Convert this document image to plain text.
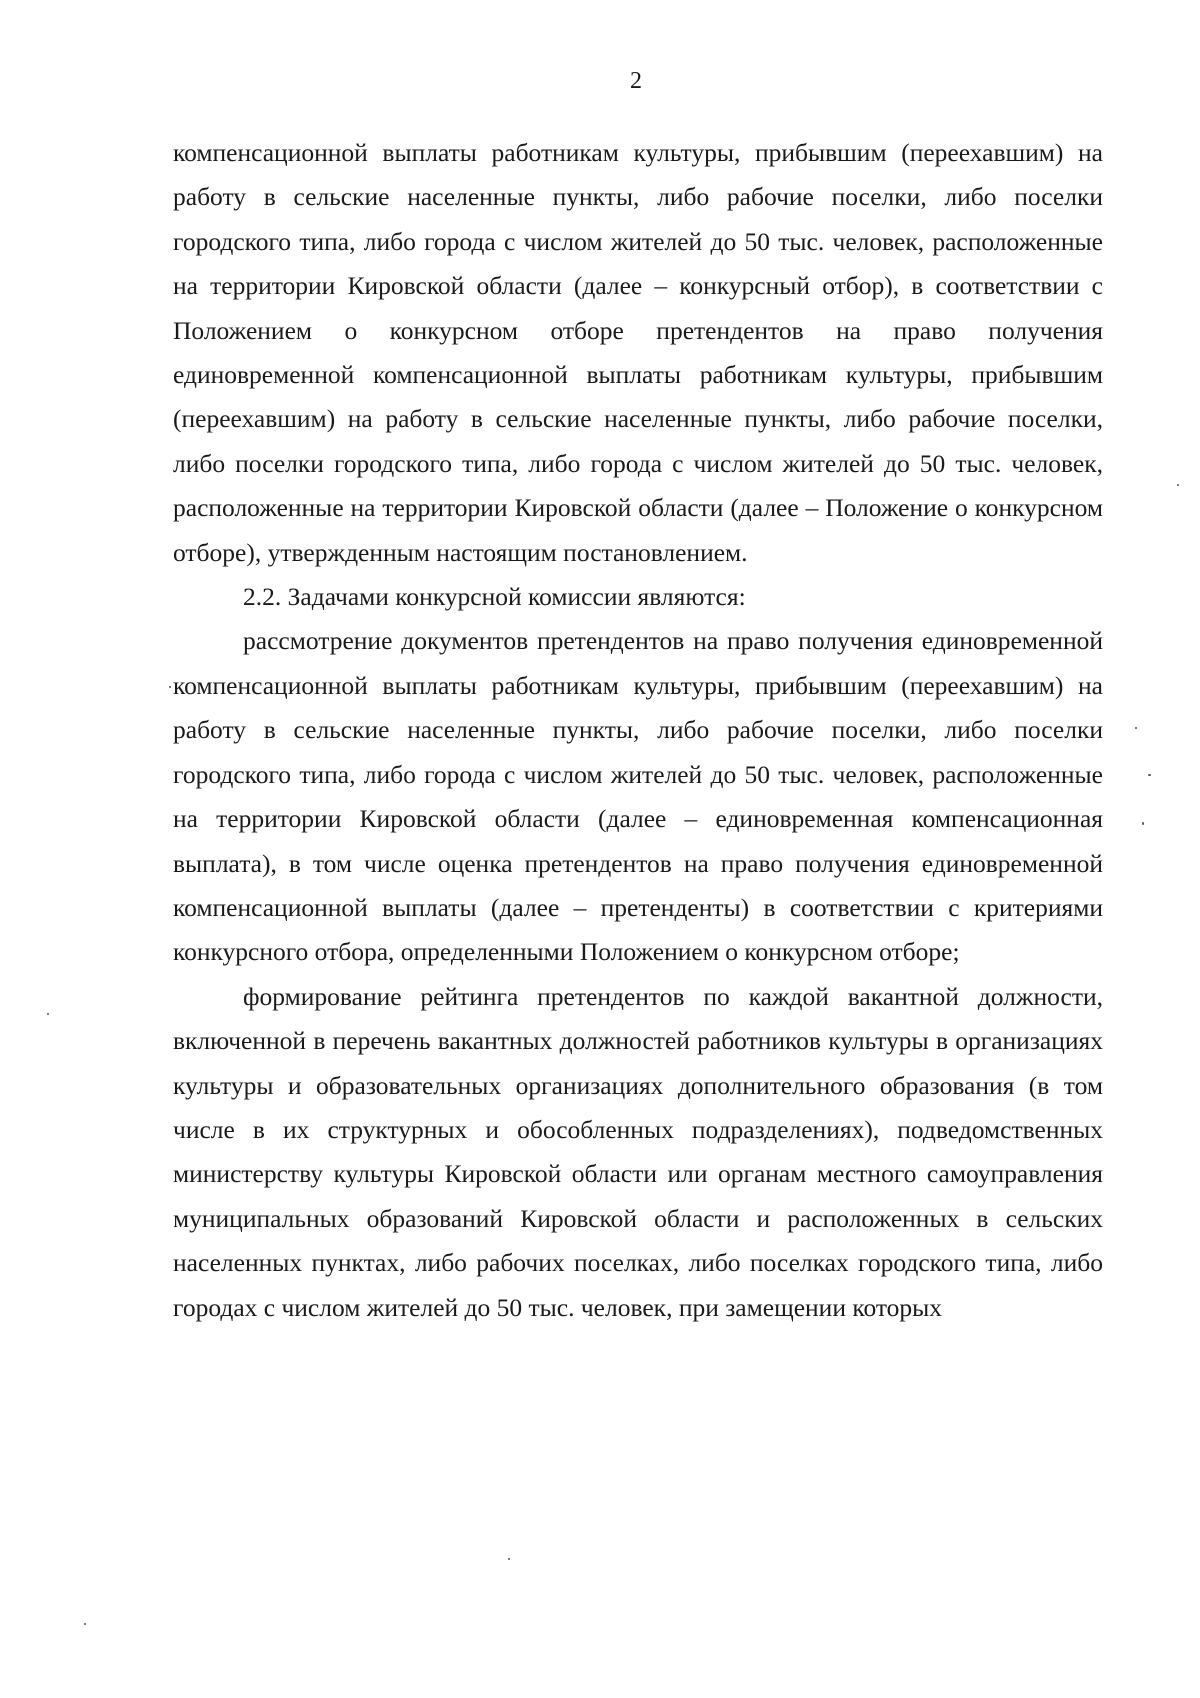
2

компенсационной выплаты работникам культуры, прибывшим (переехавшим) на работу в сельские населенные пункты, либо рабочие поселки, либо поселки городского типа, либо города с числом жителей до 50 тыс. человек, расположенные на территории Кировской области (далее – конкурсный отбор), в соответствии с Положением о конкурсном отборе претендентов на право получения единовременной компенсационной выплаты работникам культуры, прибывшим (переехавшим) на работу в сельские населенные пункты, либо рабочие поселки, либо поселки городского типа, либо города с числом жителей до 50 тыс. человек, расположенные на территории Кировской области (далее – Положение о конкурсном отборе), утвержденным настоящим постановлением.

2.2. Задачами конкурсной комиссии являются:

рассмотрение документов претендентов на право получения единовременной компенсационной выплаты работникам культуры, прибывшим (переехавшим) на работу в сельские населенные пункты, либо рабочие поселки, либо поселки городского типа, либо города с числом жителей до 50 тыс. человек, расположенные на территории Кировской области (далее – единовременная компенсационная выплата), в том числе оценка претендентов на право получения единовременной компенсационной выплаты (далее – претенденты) в соответствии с критериями конкурсного отбора, определенными Положением о конкурсном отборе;

формирование рейтинга претендентов по каждой вакантной должности, включенной в перечень вакантных должностей работников культуры в организациях культуры и образовательных организациях дополнительного образования (в том числе в их структурных и обособленных подразделениях), подведомственных министерству культуры Кировской области или органам местного самоуправления муниципальных образований Кировской области и расположенных в сельских населенных пунктах, либо рабочих поселках, либо поселках городского типа, либо городах с числом жителей до 50 тыс. человек, при замещении которых
